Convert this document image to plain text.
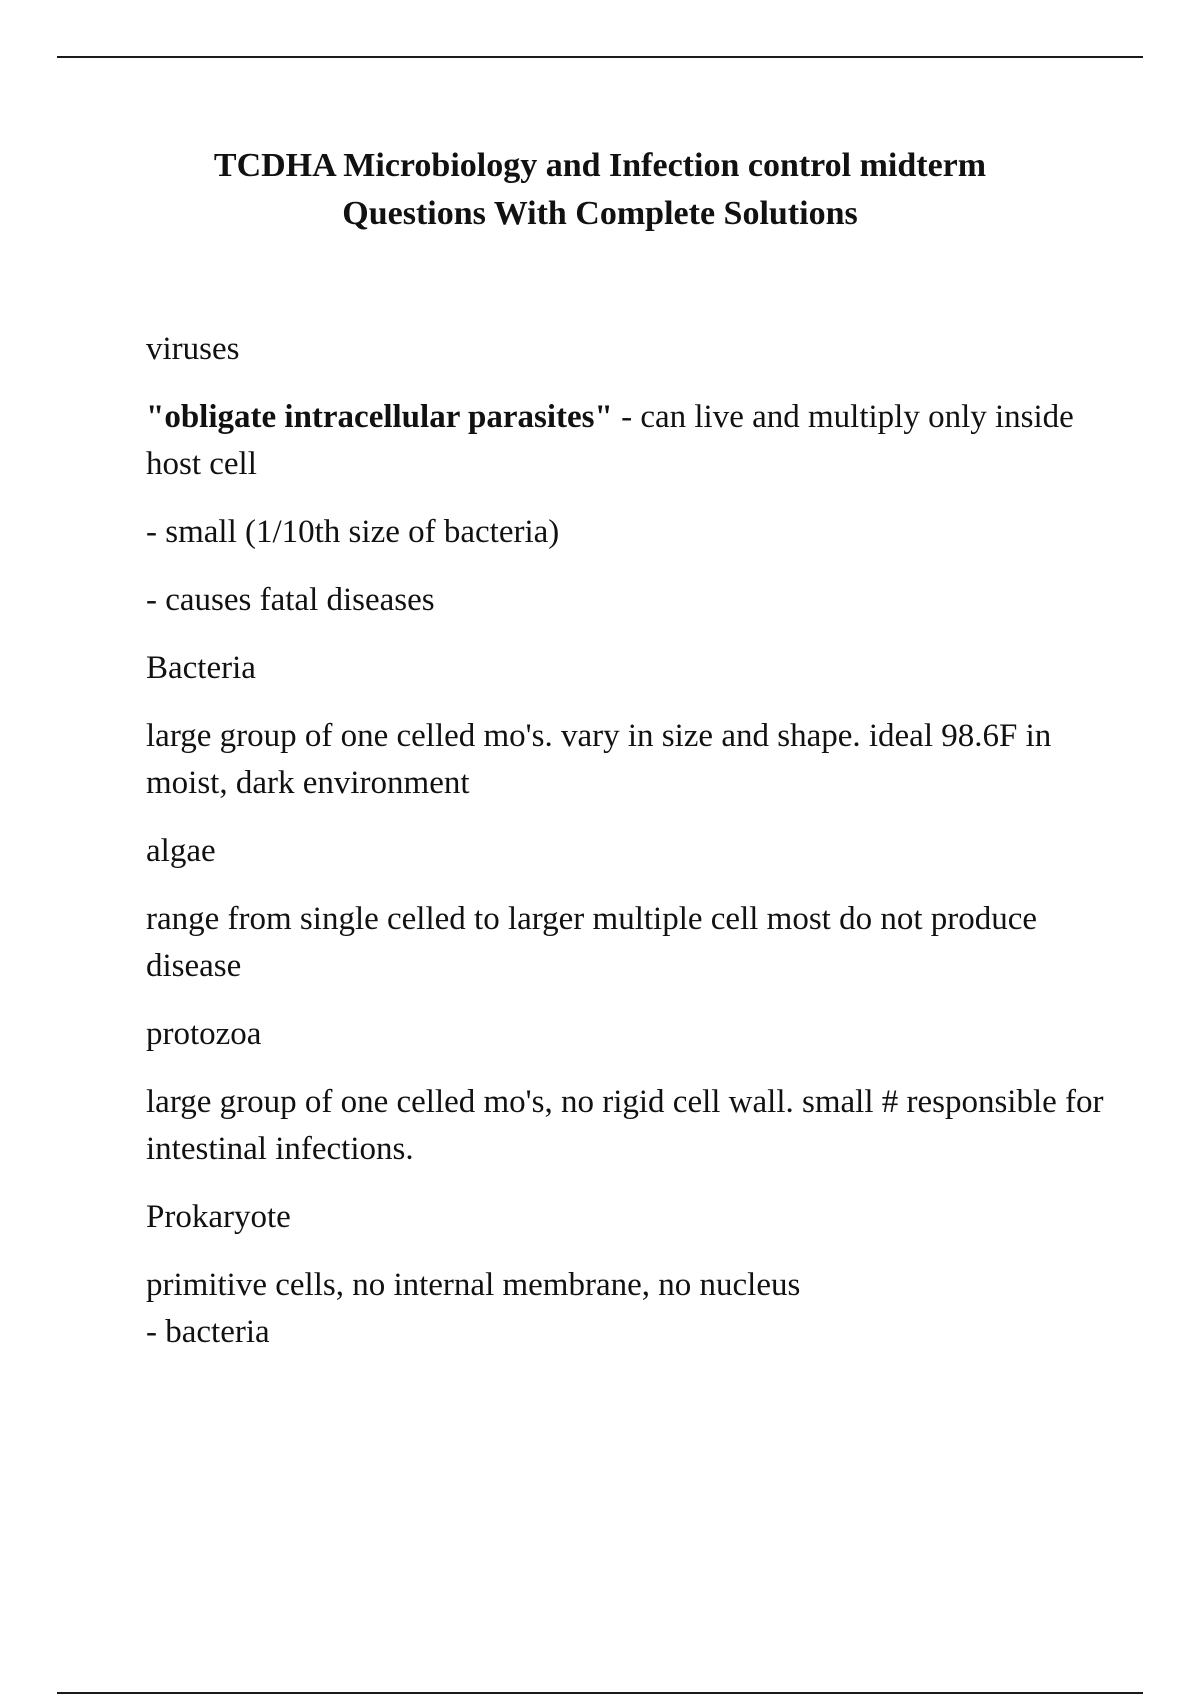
TCDHA Microbiology and Infection control midterm
Questions With Complete Solutions

viruses

"obligate intracellular parasites" - can live and multiply only inside host cell

- small (1/10th size of bacteria)

- causes fatal diseases

Bacteria

large group of one celled mo's. vary in size and shape. ideal 98.6F in moist, dark environment

algae

range from single celled to larger multiple cell most do not produce disease

protozoa

large group of one celled mo's, no rigid cell wall. small # responsible for intestinal infections.

Prokaryote

primitive cells, no internal membrane, no nucleus

- bacteria
